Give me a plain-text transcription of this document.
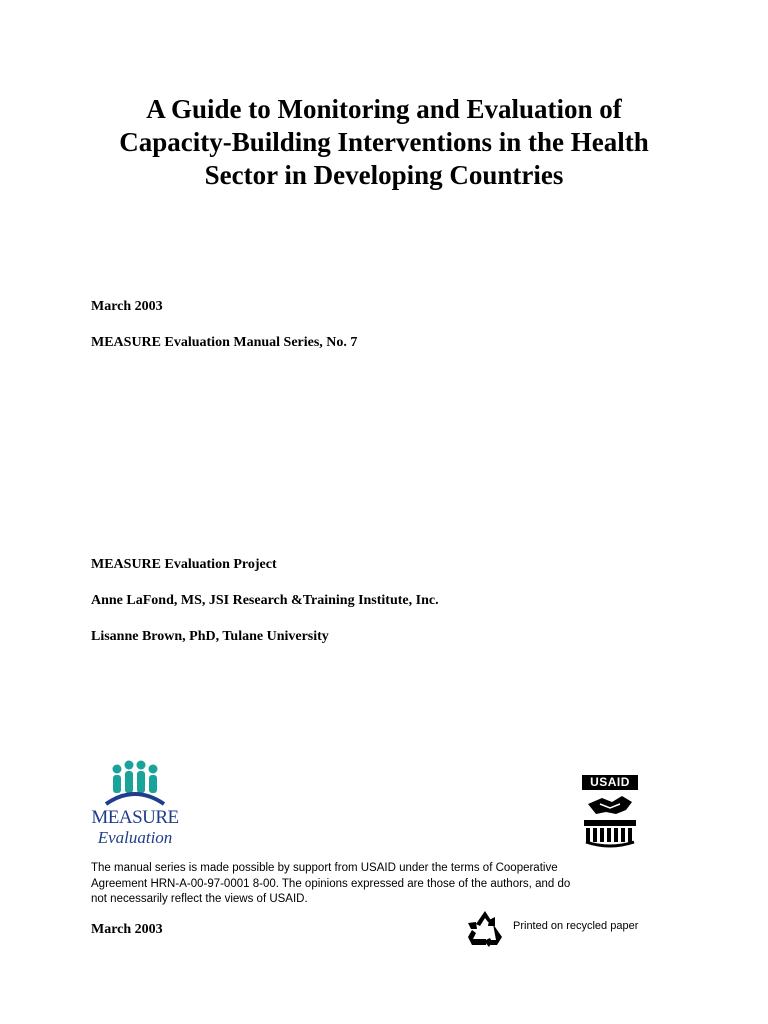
A Guide to Monitoring and Evaluation of
Capacity-Building Interventions in the Health
Sector in Developing Countries

March 2003

MEASURE Evaluation Manual Series, No. 7

MEASURE Evaluation Project

Anne LaFond, MS, JSI Research &Training Institute, Inc.

Lisanne Brown, PhD, Tulane University

MEASURE
Evaluation
USAID

The manual series is made possible by support from USAID under the terms of Cooperative
Agreement HRN-A-00-97-0001 8-00. The opinions expressed are those of the authors, and do
not necessarily reflect the views of USAID.

March 2003	Printed on recycled paper
